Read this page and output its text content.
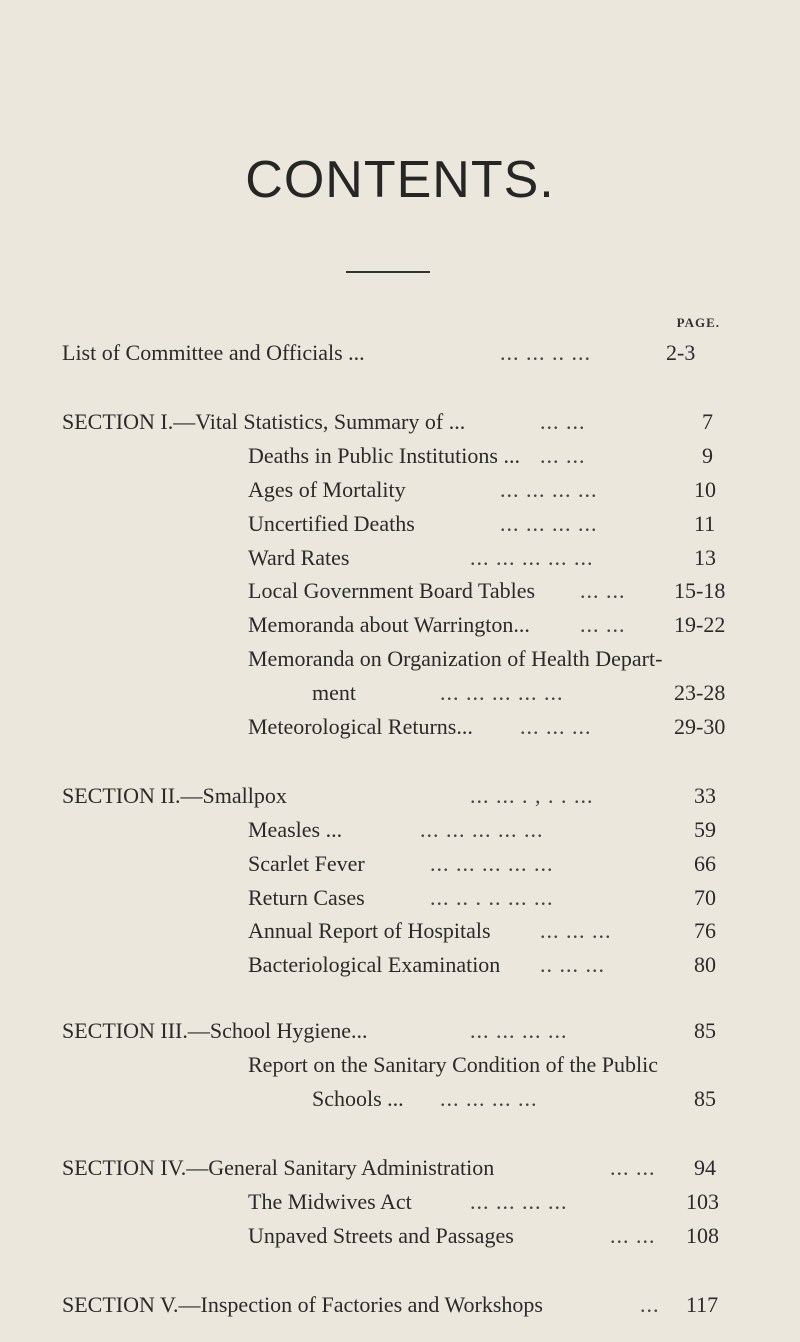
CONTENTS.
PAGE.
List of Committee and Officials ...	... ... .. ...	2-3
SECTION I.—Vital Statistics, Summary of ...	... ...	7
Deaths in Public Institutions ... ... ...	9
Ages of Mortality	... ... ... ...	10
Uncertified Deaths	... ... ... ...	11
Ward Rates	... ... ... ... ...	13
Local Government Board Tables ... ... 15-18
Memoranda about Warrington... ... ... 19-22
Memoranda on Organization of Health Depart-
ment	... ... ... ... ...	23-28
Meteorological Returns... ... ... ...	29-30
SECTION II.—Smallpox	... ... . , . . ...	33
Measles ...	... ... ... ... ...	59
Scarlet Fever	... ... ... ... ...	66
Return Cases	... .. . .. ... ...	70
Annual Report of Hospitals ... ... ...	76
Bacteriological Examination .. ... ...	80
SECTION III.—School Hygiene...	... ... ... ...	85
Report on the Sanitary Condition of the Public
Schools ... ... ... ... ...	85
SECTION IV.—General Sanitary Administration	... ... 94
The Midwives Act	... ... ... ...	103
Unpaved Streets and Passages	... ... 108
SECTION V.—Inspection of Factories and Workshops	... 117
